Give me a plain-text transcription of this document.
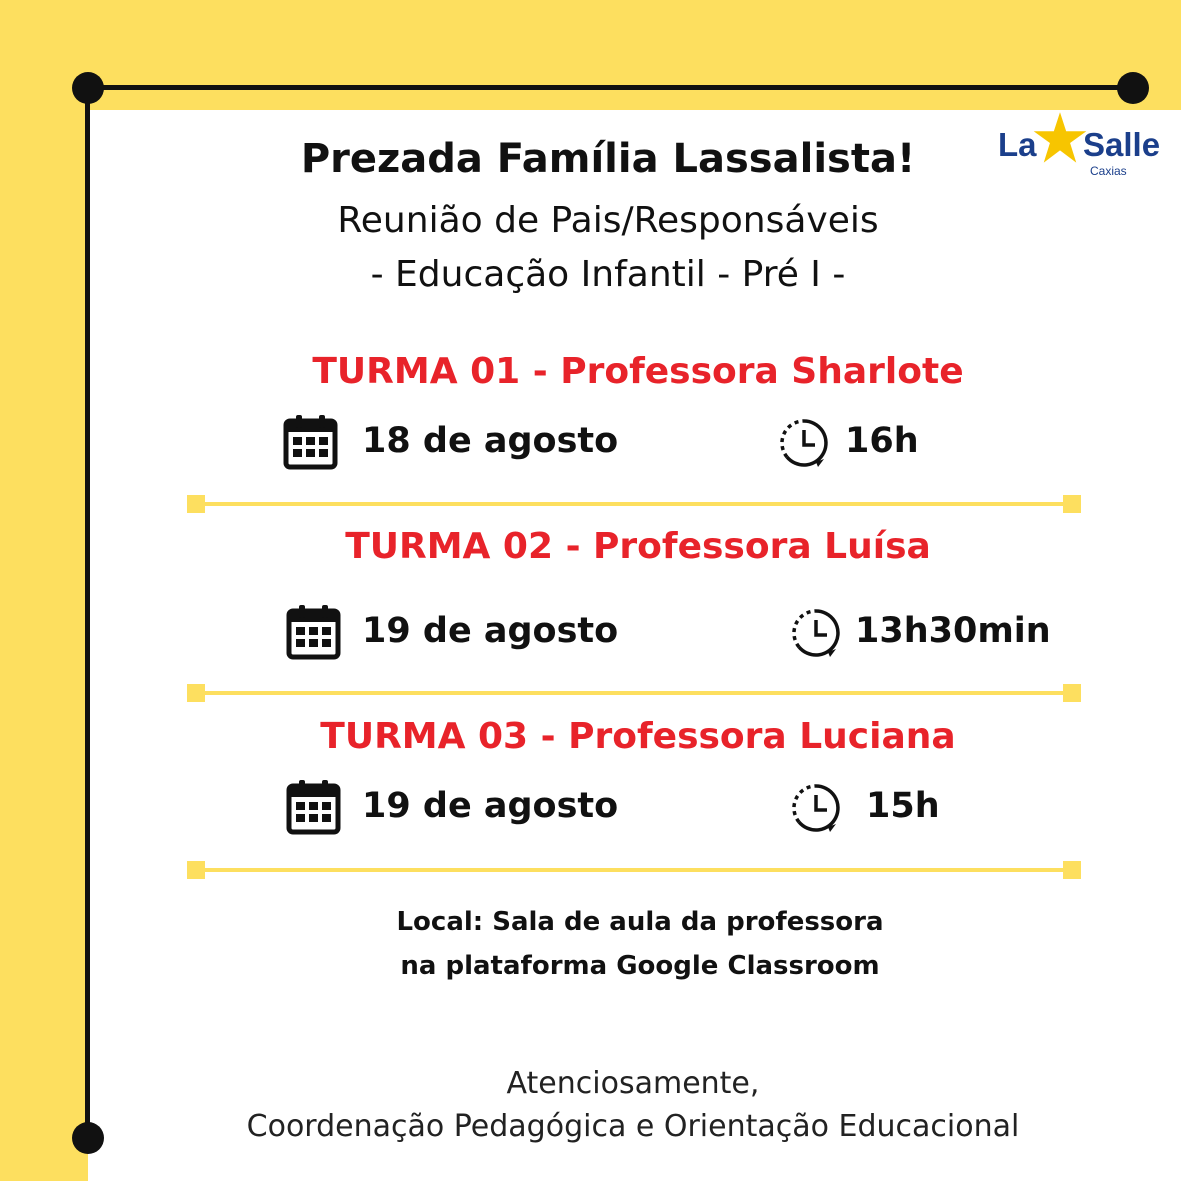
La Salle
Caxias
Prezada Família Lassalista!
Reunião de Pais/Responsáveis
- Educação Infantil - Pré I -
TURMA 01 - Professora Sharlote
18 de agosto	16h
TURMA 02 - Professora Luísa
19 de agosto	13h30min
TURMA 03 - Professora Luciana
19 de agosto	15h
Local: Sala de aula da professora
na plataforma Google Classroom
Atenciosamente,
Coordenação Pedagógica e Orientação Educacional
